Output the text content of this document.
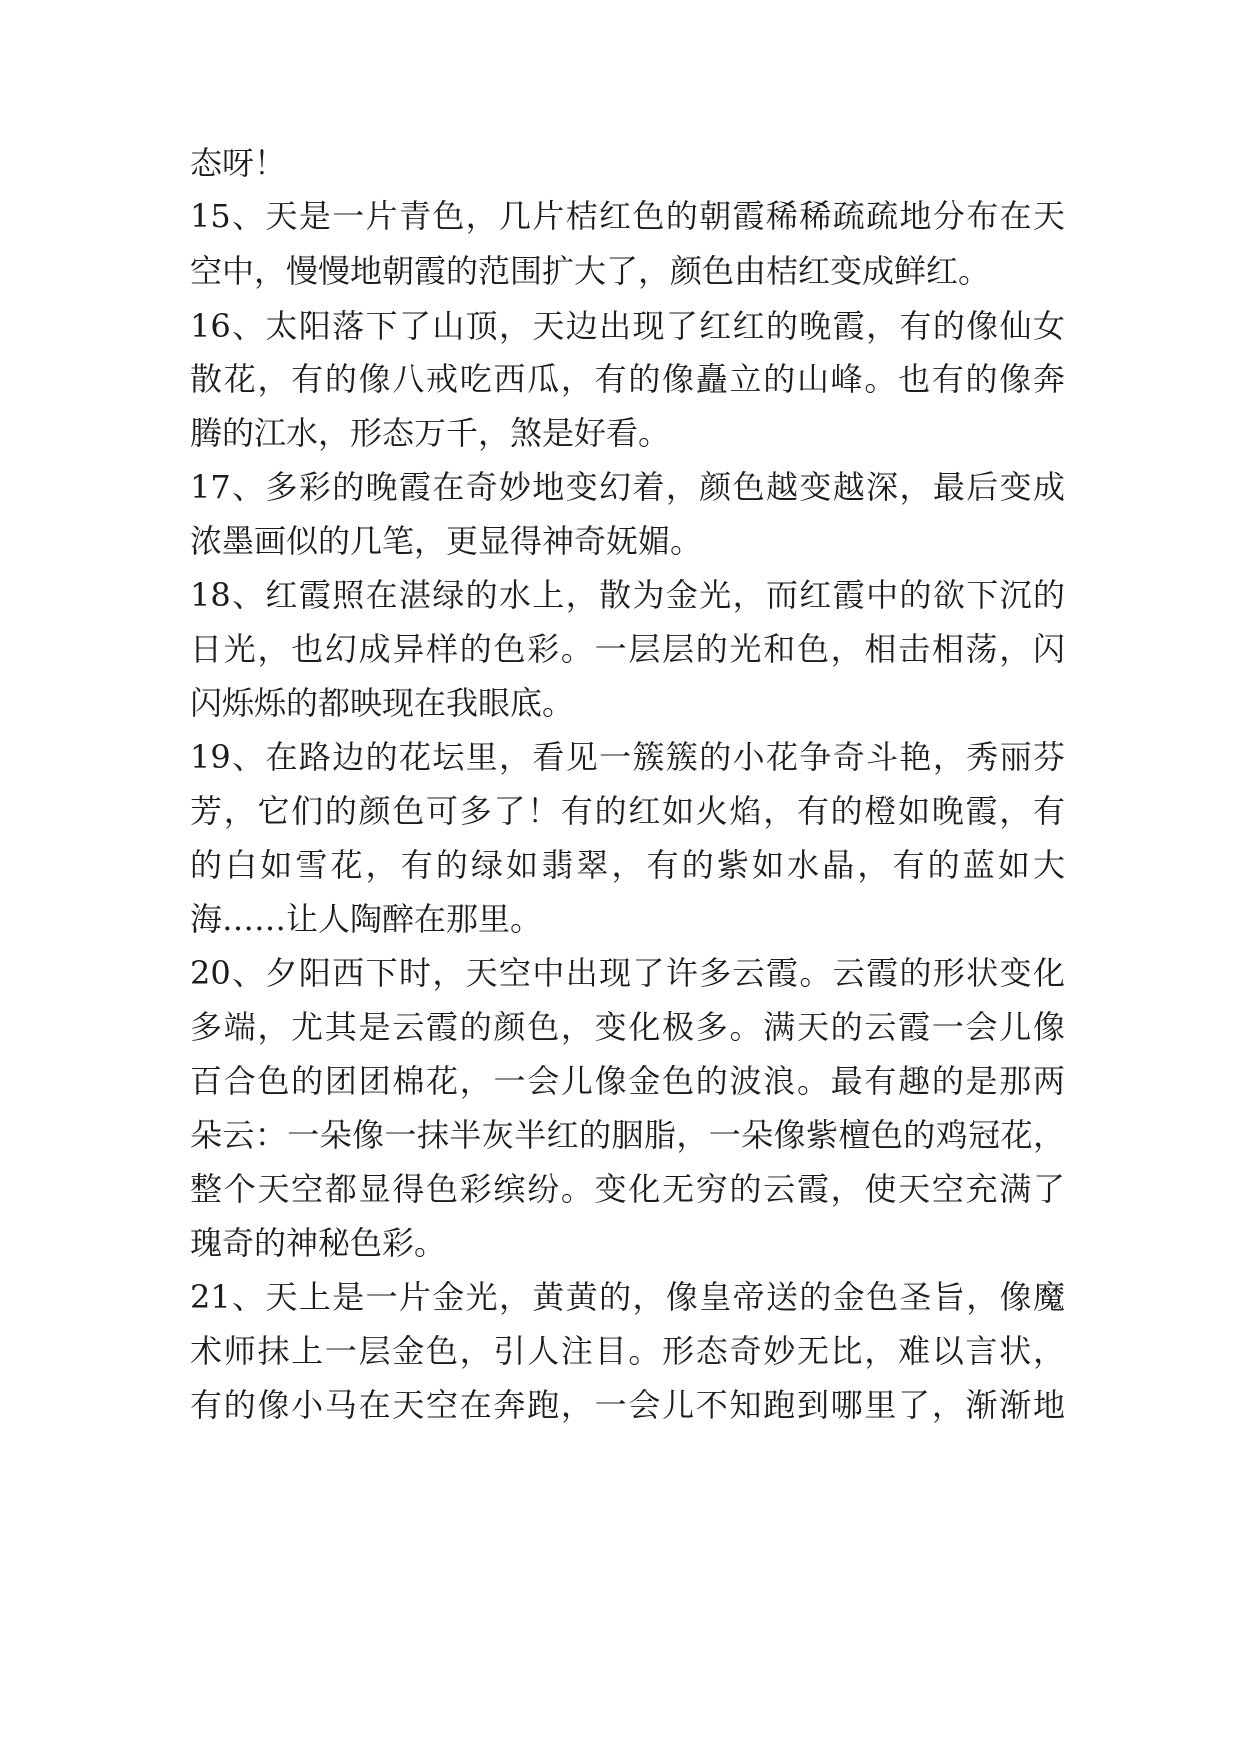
态呀！
15、天是一片青色，几片桔红色的朝霞稀稀疏疏地分布在天
空中，慢慢地朝霞的范围扩大了，颜色由桔红变成鲜红。
16、太阳落下了山顶，天边出现了红红的晚霞，有的像仙女
散花，有的像八戒吃西瓜，有的像矗立的山峰。也有的像奔
腾的江水，形态万千，煞是好看。
17、多彩的晚霞在奇妙地变幻着，颜色越变越深，最后变成
浓墨画似的几笔，更显得神奇妩媚。
18、红霞照在湛绿的水上，散为金光，而红霞中的欲下沉的
日光，也幻成异样的色彩。一层层的光和色，相击相荡，闪
闪烁烁的都映现在我眼底。
19、在路边的花坛里，看见一簇簇的小花争奇斗艳，秀丽芬
芳，它们的颜色可多了！有的红如火焰，有的橙如晚霞，有
的白如雪花，有的绿如翡翠，有的紫如水晶，有的蓝如大
海……让人陶醉在那里。
20、夕阳西下时，天空中出现了许多云霞。云霞的形状变化
多端，尤其是云霞的颜色，变化极多。满天的云霞一会儿像
百合色的团团棉花，一会儿像金色的波浪。最有趣的是那两
朵云：一朵像一抹半灰半红的胭脂，一朵像紫檀色的鸡冠花，
整个天空都显得色彩缤纷。变化无穷的云霞，使天空充满了
瑰奇的神秘色彩。
21、天上是一片金光，黄黄的，像皇帝送的金色圣旨，像魔
术师抹上一层金色，引人注目。形态奇妙无比，难以言状，
有的像小马在天空在奔跑，一会儿不知跑到哪里了，渐渐地
